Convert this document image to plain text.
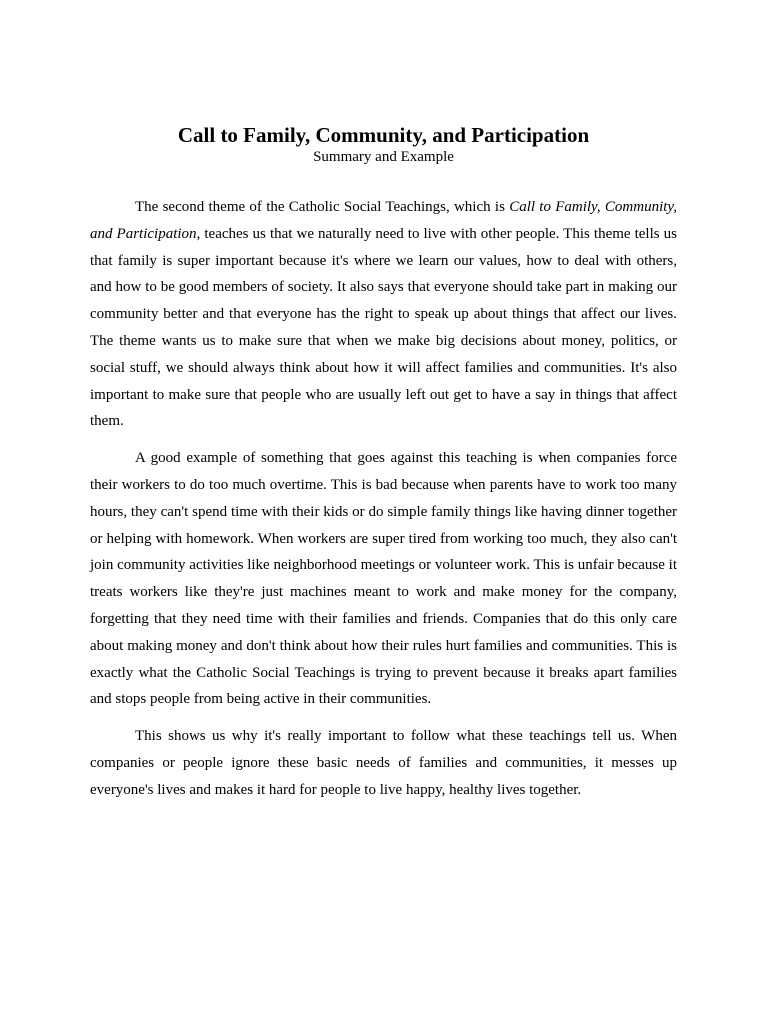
Call to Family, Community, and Participation

Summary and Example

The second theme of the Catholic Social Teachings, which is Call to Family, Community, and Participation, teaches us that we naturally need to live with other people. This theme tells us that family is super important because it's where we learn our values, how to deal with others, and how to be good members of society. It also says that everyone should take part in making our community better and that everyone has the right to speak up about things that affect our lives. The theme wants us to make sure that when we make big decisions about money, politics, or social stuff, we should always think about how it will affect families and communities. It's also important to make sure that people who are usually left out get to have a say in things that affect them.

A good example of something that goes against this teaching is when companies force their workers to do too much overtime. This is bad because when parents have to work too many hours, they can't spend time with their kids or do simple family things like having dinner together or helping with homework. When workers are super tired from working too much, they also can't join community activities like neighborhood meetings or volunteer work. This is unfair because it treats workers like they're just machines meant to work and make money for the company, forgetting that they need time with their families and friends. Companies that do this only care about making money and don't think about how their rules hurt families and communities. This is exactly what the Catholic Social Teachings is trying to prevent because it breaks apart families and stops people from being active in their communities.

This shows us why it's really important to follow what these teachings tell us. When companies or people ignore these basic needs of families and communities, it messes up everyone's lives and makes it hard for people to live happy, healthy lives together.
